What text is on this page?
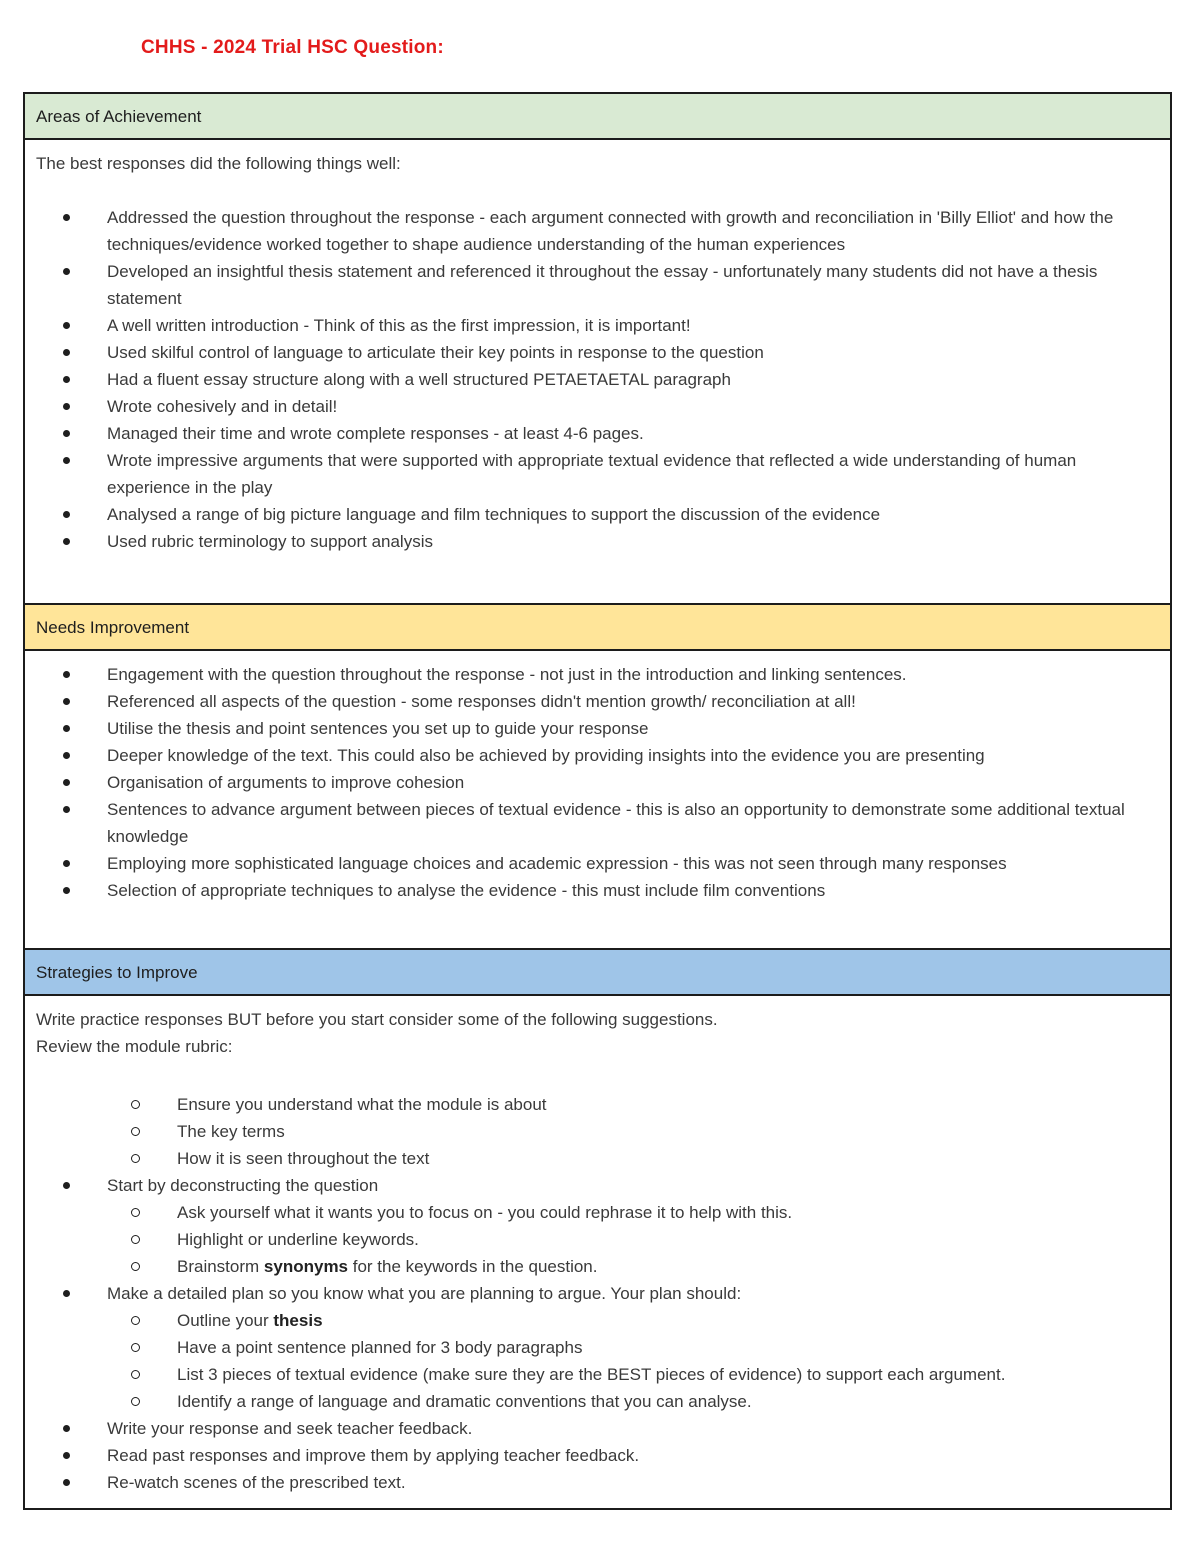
CHHS - 2024 Trial HSC Question:
Areas of Achievement

The best responses did the following things well:

Addressed the question throughout the response - each argument connected with growth and reconciliation in 'Billy Elliot' and how the techniques/evidence worked together to shape audience understanding of the human experiences
Developed an insightful thesis statement and referenced it throughout the essay - unfortunately many students did not have a thesis statement
A well written introduction - Think of this as the first impression, it is important!
Used skilful control of language to articulate their key points in response to the question
Had a fluent essay structure along with a well structured PETAETAETAL paragraph
Wrote cohesively and in detail!
Managed their time and wrote complete responses - at least 4-6 pages.
Wrote impressive arguments that were supported with appropriate textual evidence that reflected a wide understanding of human experience in the play
Analysed a range of big picture language and film techniques to support the discussion of the evidence
Used rubric terminology to support analysis
Needs Improvement
Engagement with the question throughout the response - not just in the introduction and linking sentences.
Referenced all aspects of the question - some responses didn't mention growth/ reconciliation at all!
Utilise the thesis and point sentences you set up to guide your response
Deeper knowledge of the text. This could also be achieved by providing insights into the evidence you are presenting
Organisation of arguments to improve cohesion
Sentences to advance argument between pieces of textual evidence - this is also an opportunity to demonstrate some additional textual knowledge
Employing more sophisticated language choices and academic expression - this was not seen through many responses
Selection of appropriate techniques to analyse the evidence - this must include film conventions
Strategies to Improve

Write practice responses BUT before you start consider some of the following suggestions.

Review the module rubric:

Ensure you understand what the module is about
The key terms
How it is seen throughout the text
Start by deconstructing the question
Ask yourself what it wants you to focus on - you could rephrase it to help with this.
Highlight or underline keywords.
Brainstorm synonyms for the keywords in the question.
Make a detailed plan so you know what you are planning to argue. Your plan should:
Outline your thesis
Have a point sentence planned for 3 body paragraphs
List 3 pieces of textual evidence (make sure they are the BEST pieces of evidence) to support each argument.
Identify a range of language and dramatic conventions that you can analyse.
Write your response and seek teacher feedback.
Read past responses and improve them by applying teacher feedback.
Re-watch scenes of the prescribed text.
